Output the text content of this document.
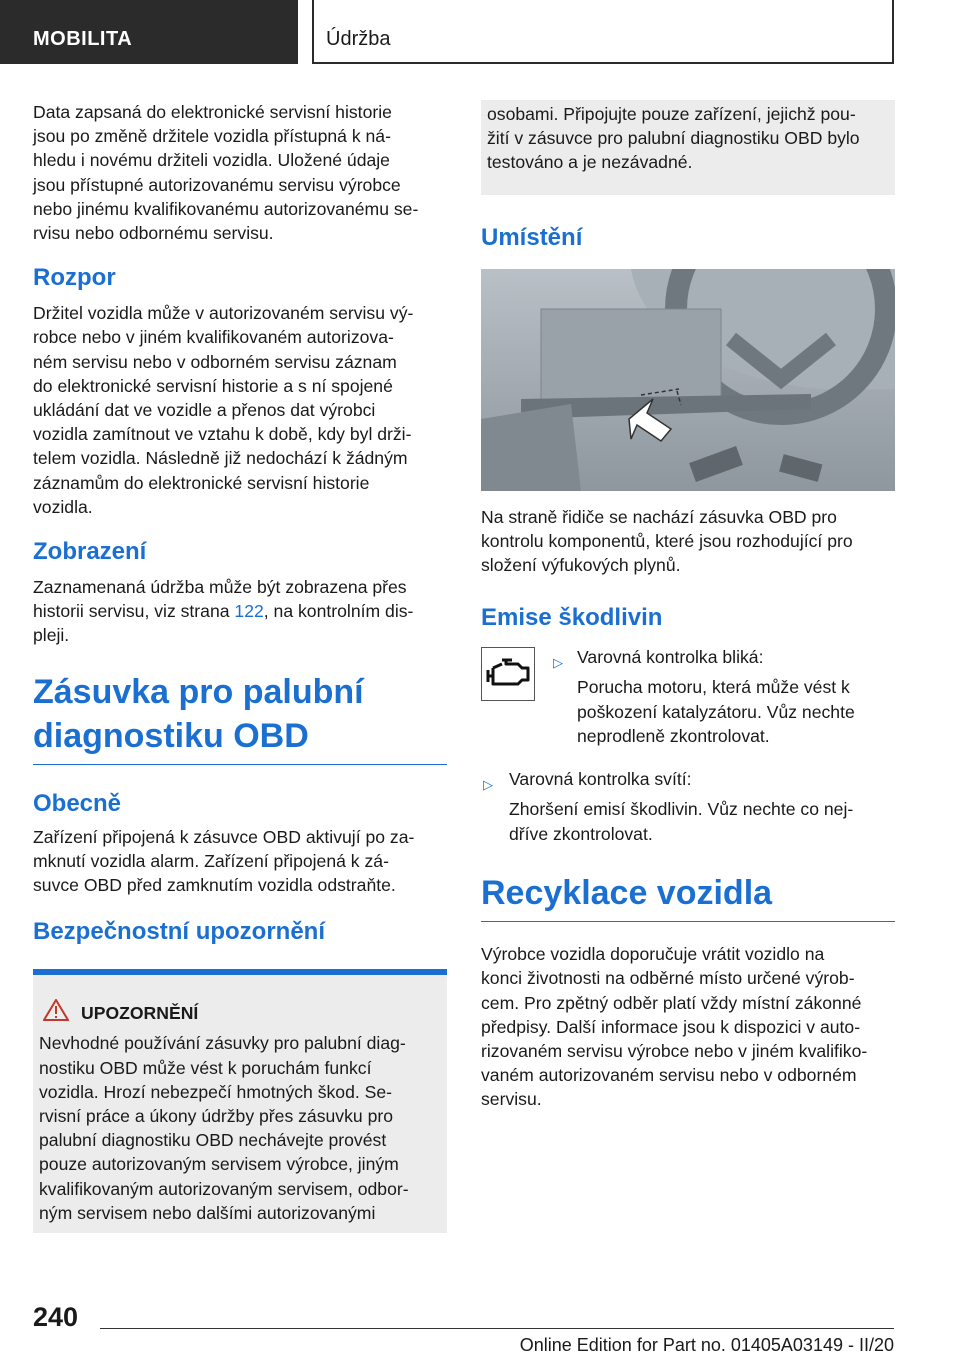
MOBILITA	Údržba

Data zapsaná do elektronické servisní historie

jsou po změně držitele vozidla přístupná k ná-

hledu i novému držiteli vozidla. Uložené údaje

jsou přístupné autorizovanému servisu výrobce

nebo jinému kvalifikovanému autorizovanému se-

rvisu nebo odbornému servisu.

Rozpor

Držitel vozidla může v autorizovaném servisu vý-

robce nebo v jiném kvalifikovaném autorizova-

ném servisu nebo v odborném servisu záznam

do elektronické servisní historie a s ní spojené

ukládání dat ve vozidle a přenos dat výrobci

vozidla zamítnout ve vztahu k době, kdy byl drži-

telem vozidla. Následně již nedochází k žádným

záznamům do elektronické servisní historie

vozidla.

Zobrazení

Zaznamenaná údržba může být zobrazena přes

historii servisu, viz strana 122, na kontrolním dis-

pleji.

Zásuvka pro palubní
diagnostiku OBD
Obecně

Zařízení připojená k zásuvce OBD aktivují po za-

mknutí vozidla alarm. Zařízení připojená k zá-

suvce OBD před zamknutím vozidla odstraňte.

Bezpečnostní upozornění
UPOZORNĚNÍ

Nevhodné používání zásuvky pro palubní diag-

nostiku OBD může vést k poruchám funkcí

vozidla. Hrozí nebezpečí hmotných škod. Se-

rvisní práce a úkony údržby přes zásuvku pro

palubní diagnostiku OBD nechávejte provést

pouze autorizovaným servisem výrobce, jiným

kvalifikovaným autorizovaným servisem, odbor-

ným servisem nebo dalšími autorizovanými

osobami. Připojujte pouze zařízení, jejichž pou-

žití v zásuvce pro palubní diagnostiku OBD bylo

testováno a je nezávadné.

Umístění

Na straně řidiče se nachází zásuvka OBD pro

kontrolu komponentů, které jsou rozhodující pro

složení výfukových plynů.

Emise škodlivin
▷ Varovná kontrolka bliká:

Porucha motoru, která může vést k

poškození katalyzátoru. Vůz nechte

neprodleně zkontrolovat.

▷ Varovná kontrolka svítí:

Zhoršení emisí škodlivin. Vůz nechte co nej-

dříve zkontrolovat.

Recyklace vozidla

Výrobce vozidla doporučuje vrátit vozidlo na

konci životnosti na odběrné místo určené výrob-

cem. Pro zpětný odběr platí vždy místní zákonné

předpisy. Další informace jsou k dispozici v auto-

rizovaném servisu výrobce nebo v jiném kvalifiko-

vaném autorizovaném servisu nebo v odborném

servisu.

240
Online Edition for Part no. 01405A03149 - II/20
